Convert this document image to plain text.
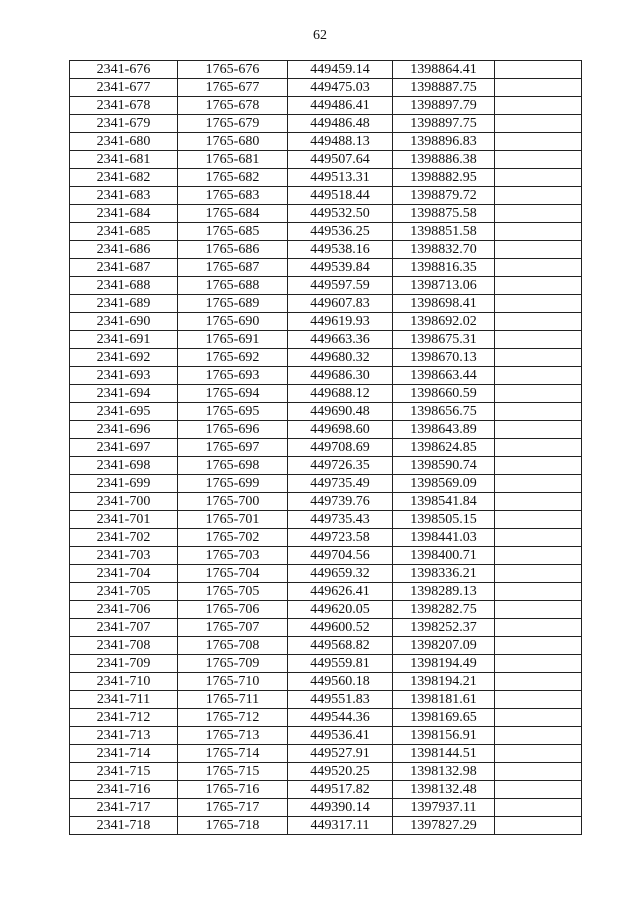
62
2341-676	1765-676	449459.14	1398864.41	
2341-677	1765-677	449475.03	1398887.75	
2341-678	1765-678	449486.41	1398897.79	
2341-679	1765-679	449486.48	1398897.75	
2341-680	1765-680	449488.13	1398896.83	
2341-681	1765-681	449507.64	1398886.38	
2341-682	1765-682	449513.31	1398882.95	
2341-683	1765-683	449518.44	1398879.72	
2341-684	1765-684	449532.50	1398875.58	
2341-685	1765-685	449536.25	1398851.58	
2341-686	1765-686	449538.16	1398832.70	
2341-687	1765-687	449539.84	1398816.35	
2341-688	1765-688	449597.59	1398713.06	
2341-689	1765-689	449607.83	1398698.41	
2341-690	1765-690	449619.93	1398692.02	
2341-691	1765-691	449663.36	1398675.31	
2341-692	1765-692	449680.32	1398670.13	
2341-693	1765-693	449686.30	1398663.44	
2341-694	1765-694	449688.12	1398660.59	
2341-695	1765-695	449690.48	1398656.75	
2341-696	1765-696	449698.60	1398643.89	
2341-697	1765-697	449708.69	1398624.85	
2341-698	1765-698	449726.35	1398590.74	
2341-699	1765-699	449735.49	1398569.09	
2341-700	1765-700	449739.76	1398541.84	
2341-701	1765-701	449735.43	1398505.15	
2341-702	1765-702	449723.58	1398441.03	
2341-703	1765-703	449704.56	1398400.71	
2341-704	1765-704	449659.32	1398336.21	
2341-705	1765-705	449626.41	1398289.13	
2341-706	1765-706	449620.05	1398282.75	
2341-707	1765-707	449600.52	1398252.37	
2341-708	1765-708	449568.82	1398207.09	
2341-709	1765-709	449559.81	1398194.49	
2341-710	1765-710	449560.18	1398194.21	
2341-711	1765-711	449551.83	1398181.61	
2341-712	1765-712	449544.36	1398169.65	
2341-713	1765-713	449536.41	1398156.91	
2341-714	1765-714	449527.91	1398144.51	
2341-715	1765-715	449520.25	1398132.98	
2341-716	1765-716	449517.82	1398132.48	
2341-717	1765-717	449390.14	1397937.11	
2341-718	1765-718	449317.11	1397827.29	
